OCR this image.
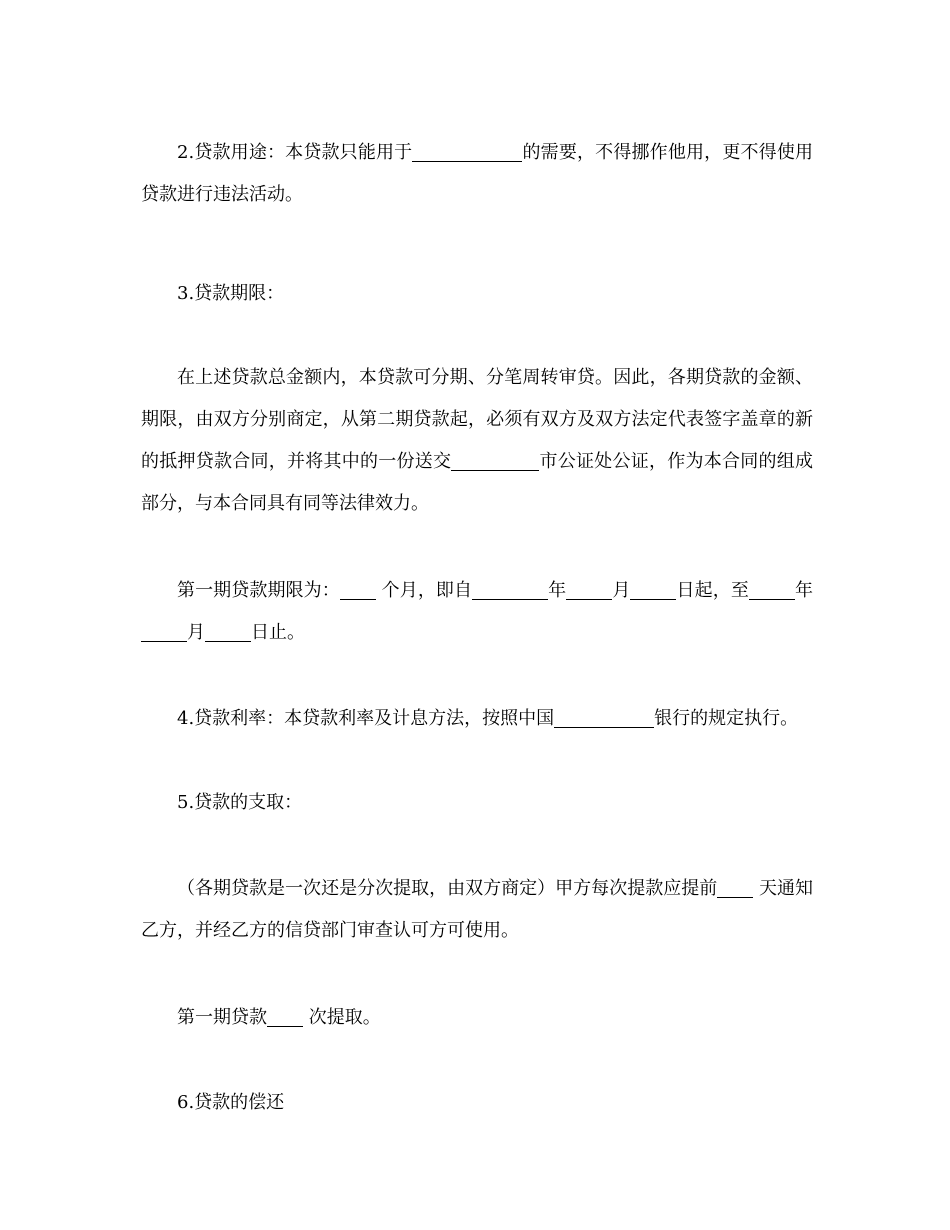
2.贷款用途：本贷款只能用于	的需要，不得挪作他用，更不得使用贷款进行违法活动。

3.贷款期限：

在上述贷款总金额内，本贷款可分期、分笔周转审贷。因此，各期贷款的金额、期限，由双方分别商定，从第二期贷款起，必须有双方及双方法定代表签字盖章的新的抵押贷款合同，并将其中的一份送交	市公证处公证，作为本合同的组成部分，与本合同具有同等法律效力。

第一期贷款期限为： 个月，即自	年	月	日起，至	年月	日止。

4.贷款利率：本贷款利率及计息方法，按照中国	银行的规定执行。

5.贷款的支取：

（各期贷款是一次还是分次提取，由双方商定）甲方每次提款应提前 天通知乙方，并经乙方的信贷部门审查认可方可使用。

第一期贷款 次提取。

6.贷款的偿还
